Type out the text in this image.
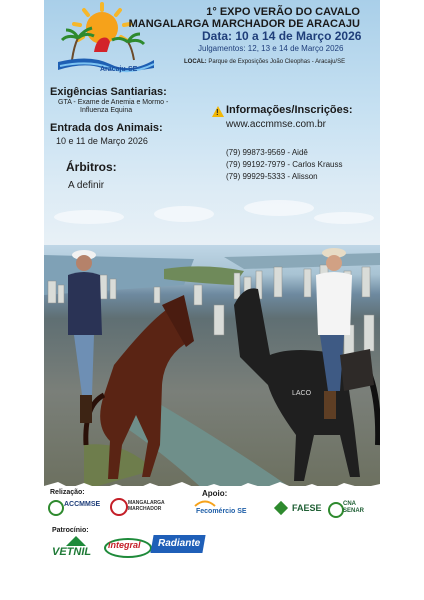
Aracaju-SE
1° EXPO VERÃO DO CAVALO
MANGALARGA MARCHADOR DE ARACAJU
Data: 10 a 14 de Março 2026
Julgamentos: 12, 13 e 14 de Março 2026
LOCAL: Parque de Exposições João Cleophas - Aracaju/SE
Exigências Santiarias:
GTA - Exame de Anemia e Mormo -
Influenza Equina
Entrada dos Animais:
10 e 11 de Março 2026
Árbitros:
A definir
! Informações/Inscrições:
www.accmmse.com.br
(79) 99873-9569 - Aidê
(79) 99192-7979 - Carlos Krauss
(79) 99929-5333 - Alisson
LACO
Relização:
ACCMMSE	MANGALARGA MARCHADOR
Apoio:
Fecomércio SE	FAESE	CNA SENAR
Patrocínio:
VETNIL
integral Radiante
